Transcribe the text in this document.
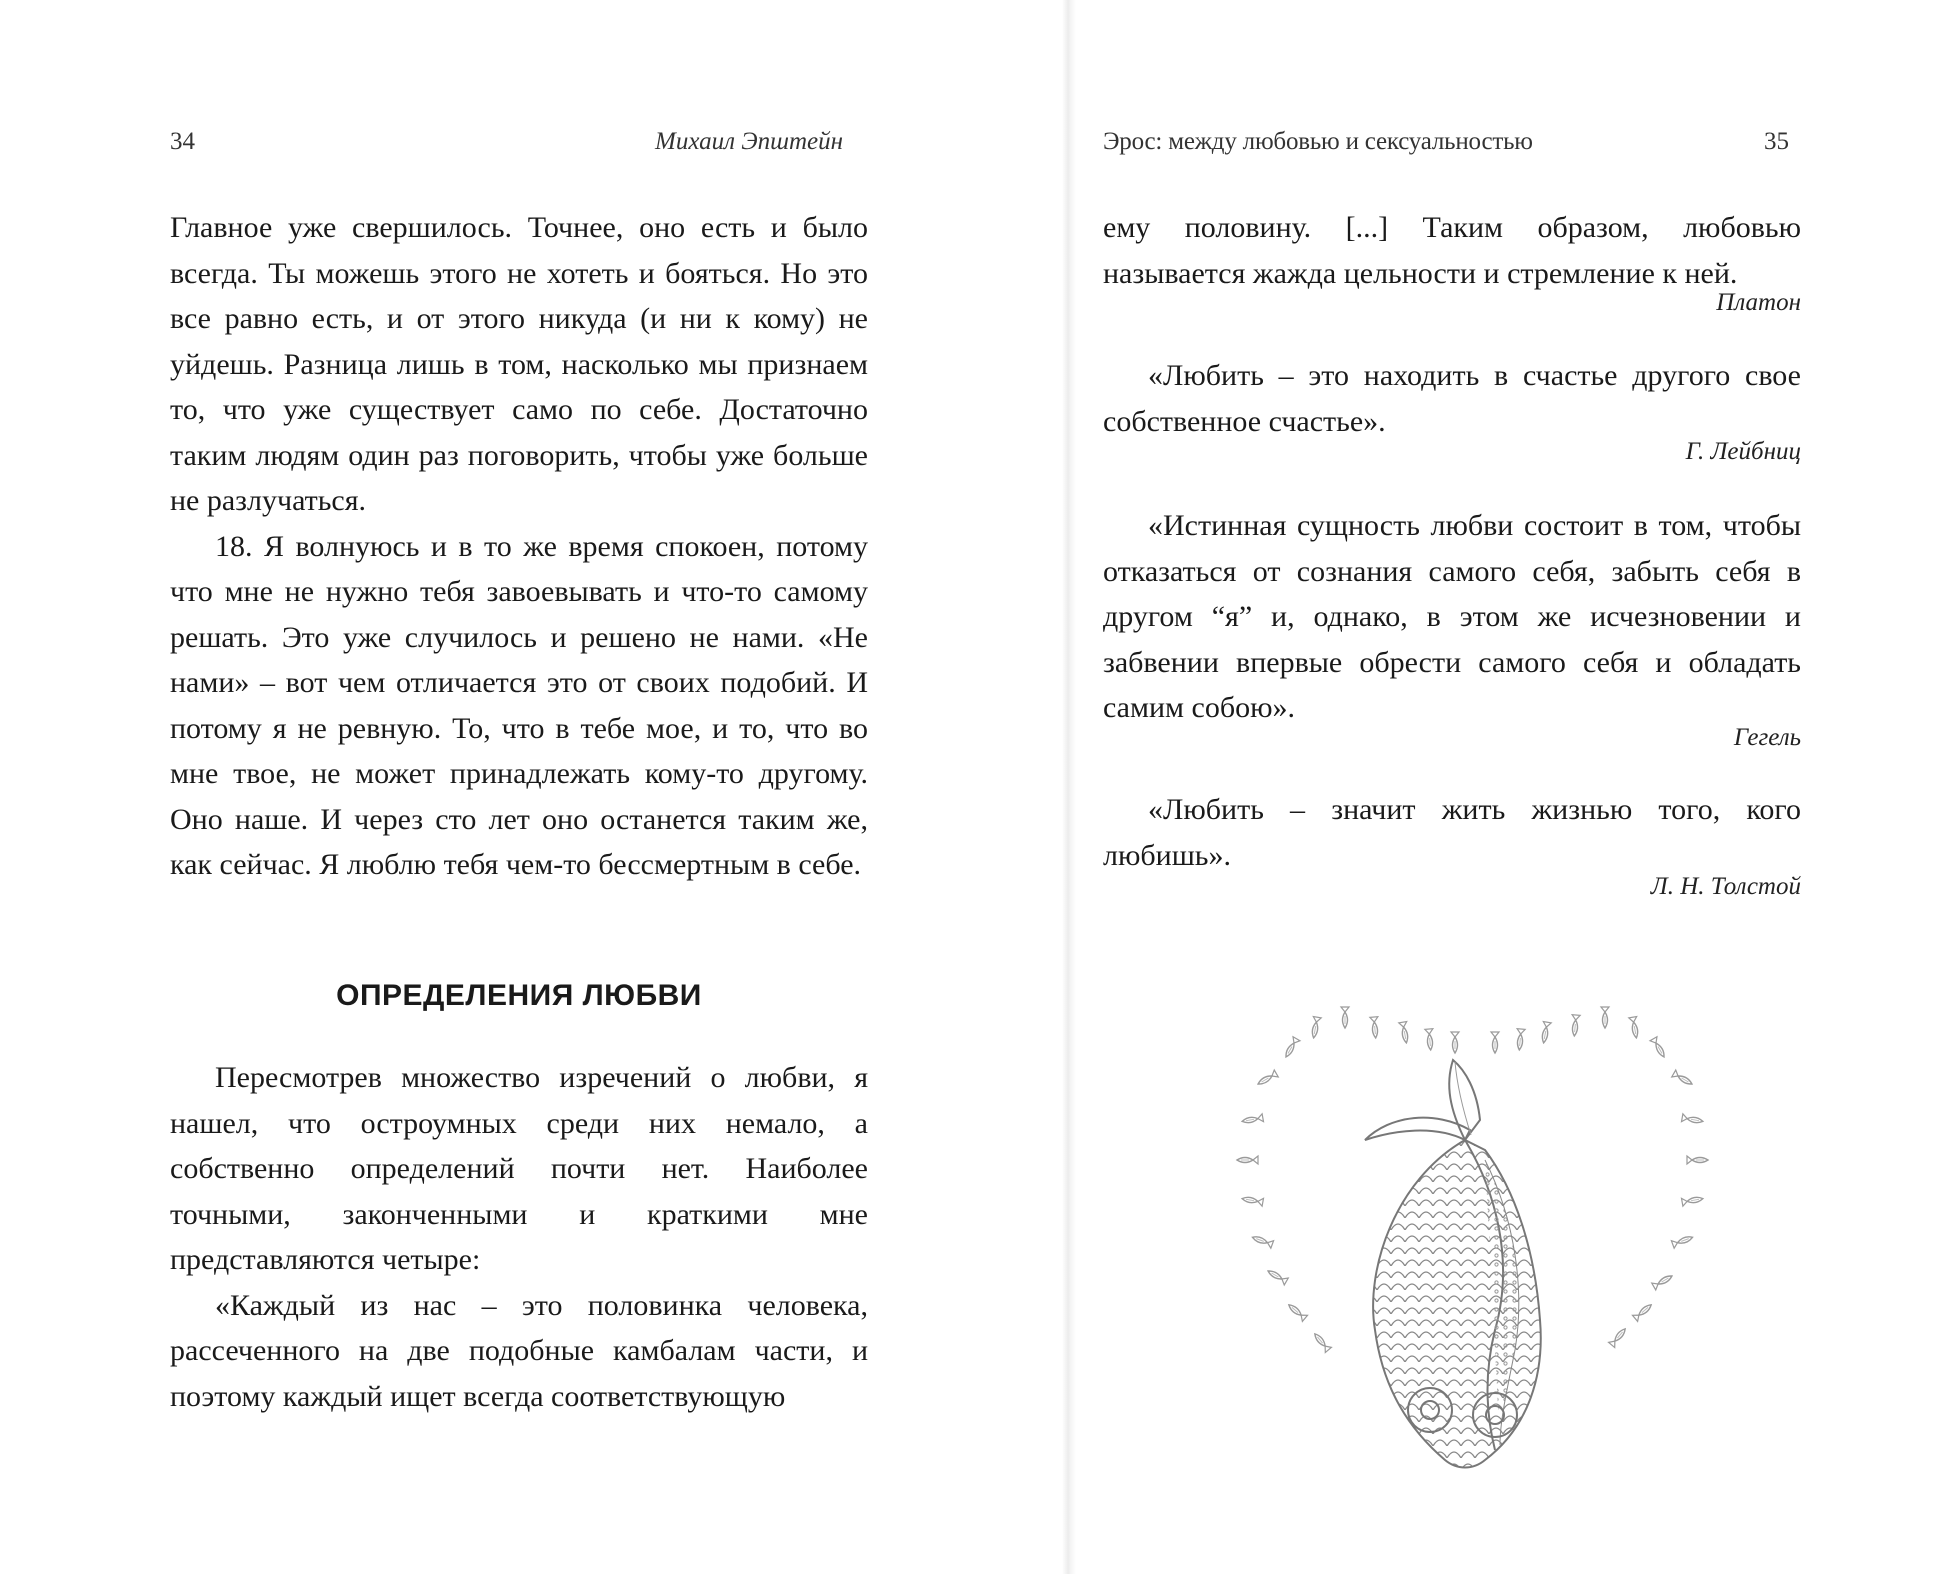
34	Михаил Эпштейн

Главное уже свершилось. Точнее, оно есть и было всегда. Ты можешь этого не хотеть и бояться. Но это все равно есть, и от этого никуда (и ни к кому) не уйдешь. Разница лишь в том, насколько мы признаем то, что уже существует само по себе. Достаточно таким людям один раз поговорить, чтобы уже больше не разлучаться.

18. Я волнуюсь и в то же время спокоен, потому что мне не нужно тебя завоевывать и что-то самому решать. Это уже случилось и решено не нами. «Не нами» – вот чем отличается это от своих подобий. И потому я не ревную. То, что в тебе мое, и то, что во мне твое, не может принадлежать кому-то другому. Оно наше. И через сто лет оно останется таким же, как сейчас. Я люблю тебя чем-то бессмертным в себе.

ОПРЕДЕЛЕНИЯ ЛЮБВИ

Пересмотрев множество изречений о любви, я нашел, что остроумных среди них немало, а собственно определений почти нет. Наиболее точными, законченными и краткими мне представляются четыре:

«Каждый из нас – это половинка человека, рассеченного на две подобные камбалам части, и поэтому каждый ищет всегда соответствующую

Эрос: между любовью и сексуальностью	35
ему половину. [...] Таким образом, любовью называется жажда цельности и стремление к ней.
Платон
«Любить – это находить в счастье другого свое собственное счастье».
Г. Лейбниц
«Истинная сущность любви состоит в том, чтобы отказаться от сознания самого себя, забыть себя в другом “я” и, однако, в этом же исчезновении и забвении впервые обрести самого себя и обладать самим собою».
Гегель
«Любить – значит жить жизнью того, кого любишь».
Л. Н. Толстой
